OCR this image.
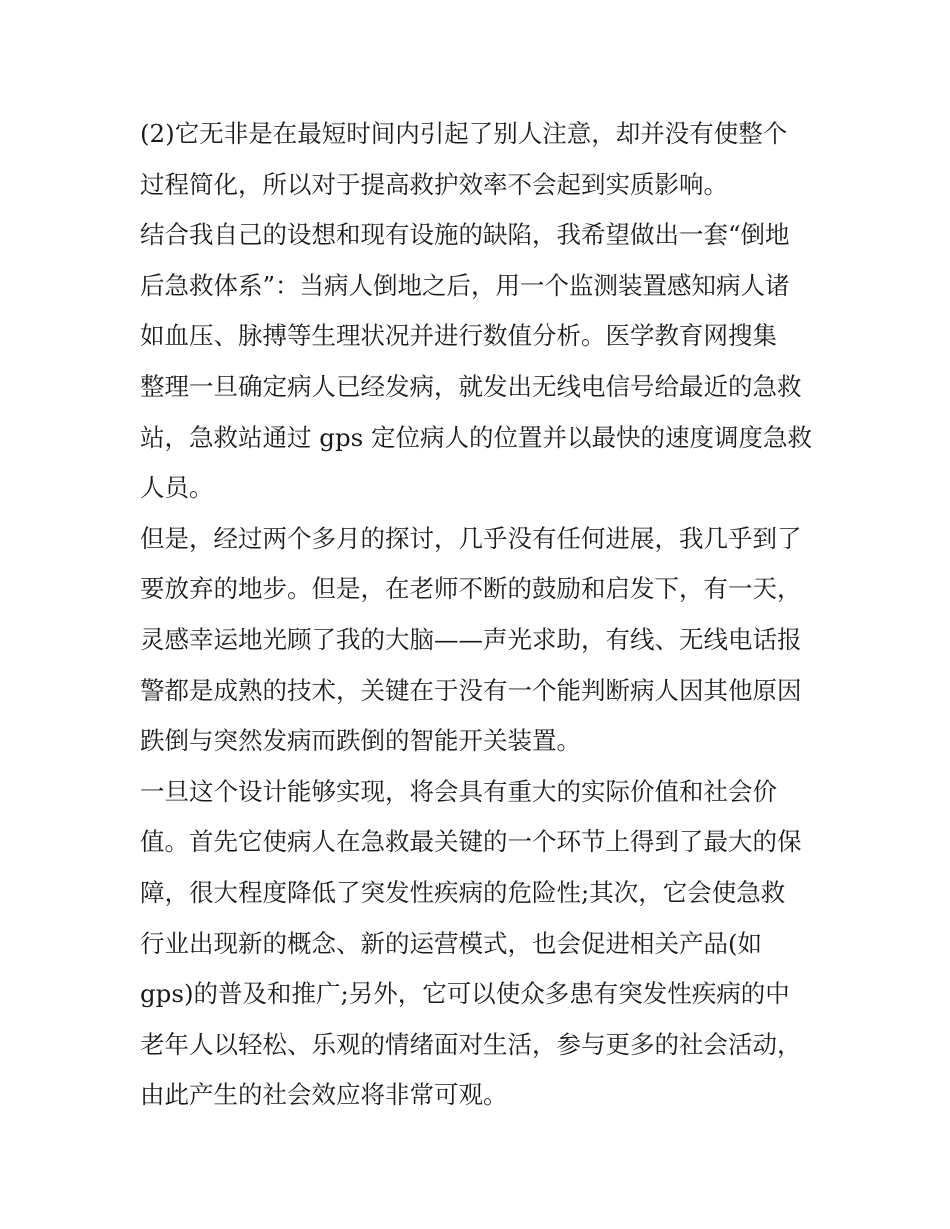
(2)它无非是在最短时间内引起了别人注意，却并没有使整个
过程简化，所以对于提高救护效率不会起到实质影响。
结合我自己的设想和现有设施的缺陷，我希望做出一套“倒地
后急救体系”：当病人倒地之后，用一个监测装置感知病人诸
如血压、脉搏等生理状况并进行数值分析。医学教育网搜集
整理一旦确定病人已经发病，就发出无线电信号给最近的急救
站，急救站通过 gps 定位病人的位置并以最快的速度调度急救
人员。
但是，经过两个多月的探讨，几乎没有任何进展，我几乎到了
要放弃的地步。但是，在老师不断的鼓励和启发下，有一天，
灵感幸运地光顾了我的大脑——声光求助，有线、无线电话报
警都是成熟的技术，关键在于没有一个能判断病人因其他原因
跌倒与突然发病而跌倒的智能开关装置。
一旦这个设计能够实现，将会具有重大的实际价值和社会价
值。首先它使病人在急救最关键的一个环节上得到了最大的保
障，很大程度降低了突发性疾病的危险性;其次，它会使急救
行业出现新的概念、新的运营模式，也会促进相关产品(如
gps)的普及和推广;另外，它可以使众多患有突发性疾病的中
老年人以轻松、乐观的情绪面对生活，参与更多的社会活动，
由此产生的社会效应将非常可观。
